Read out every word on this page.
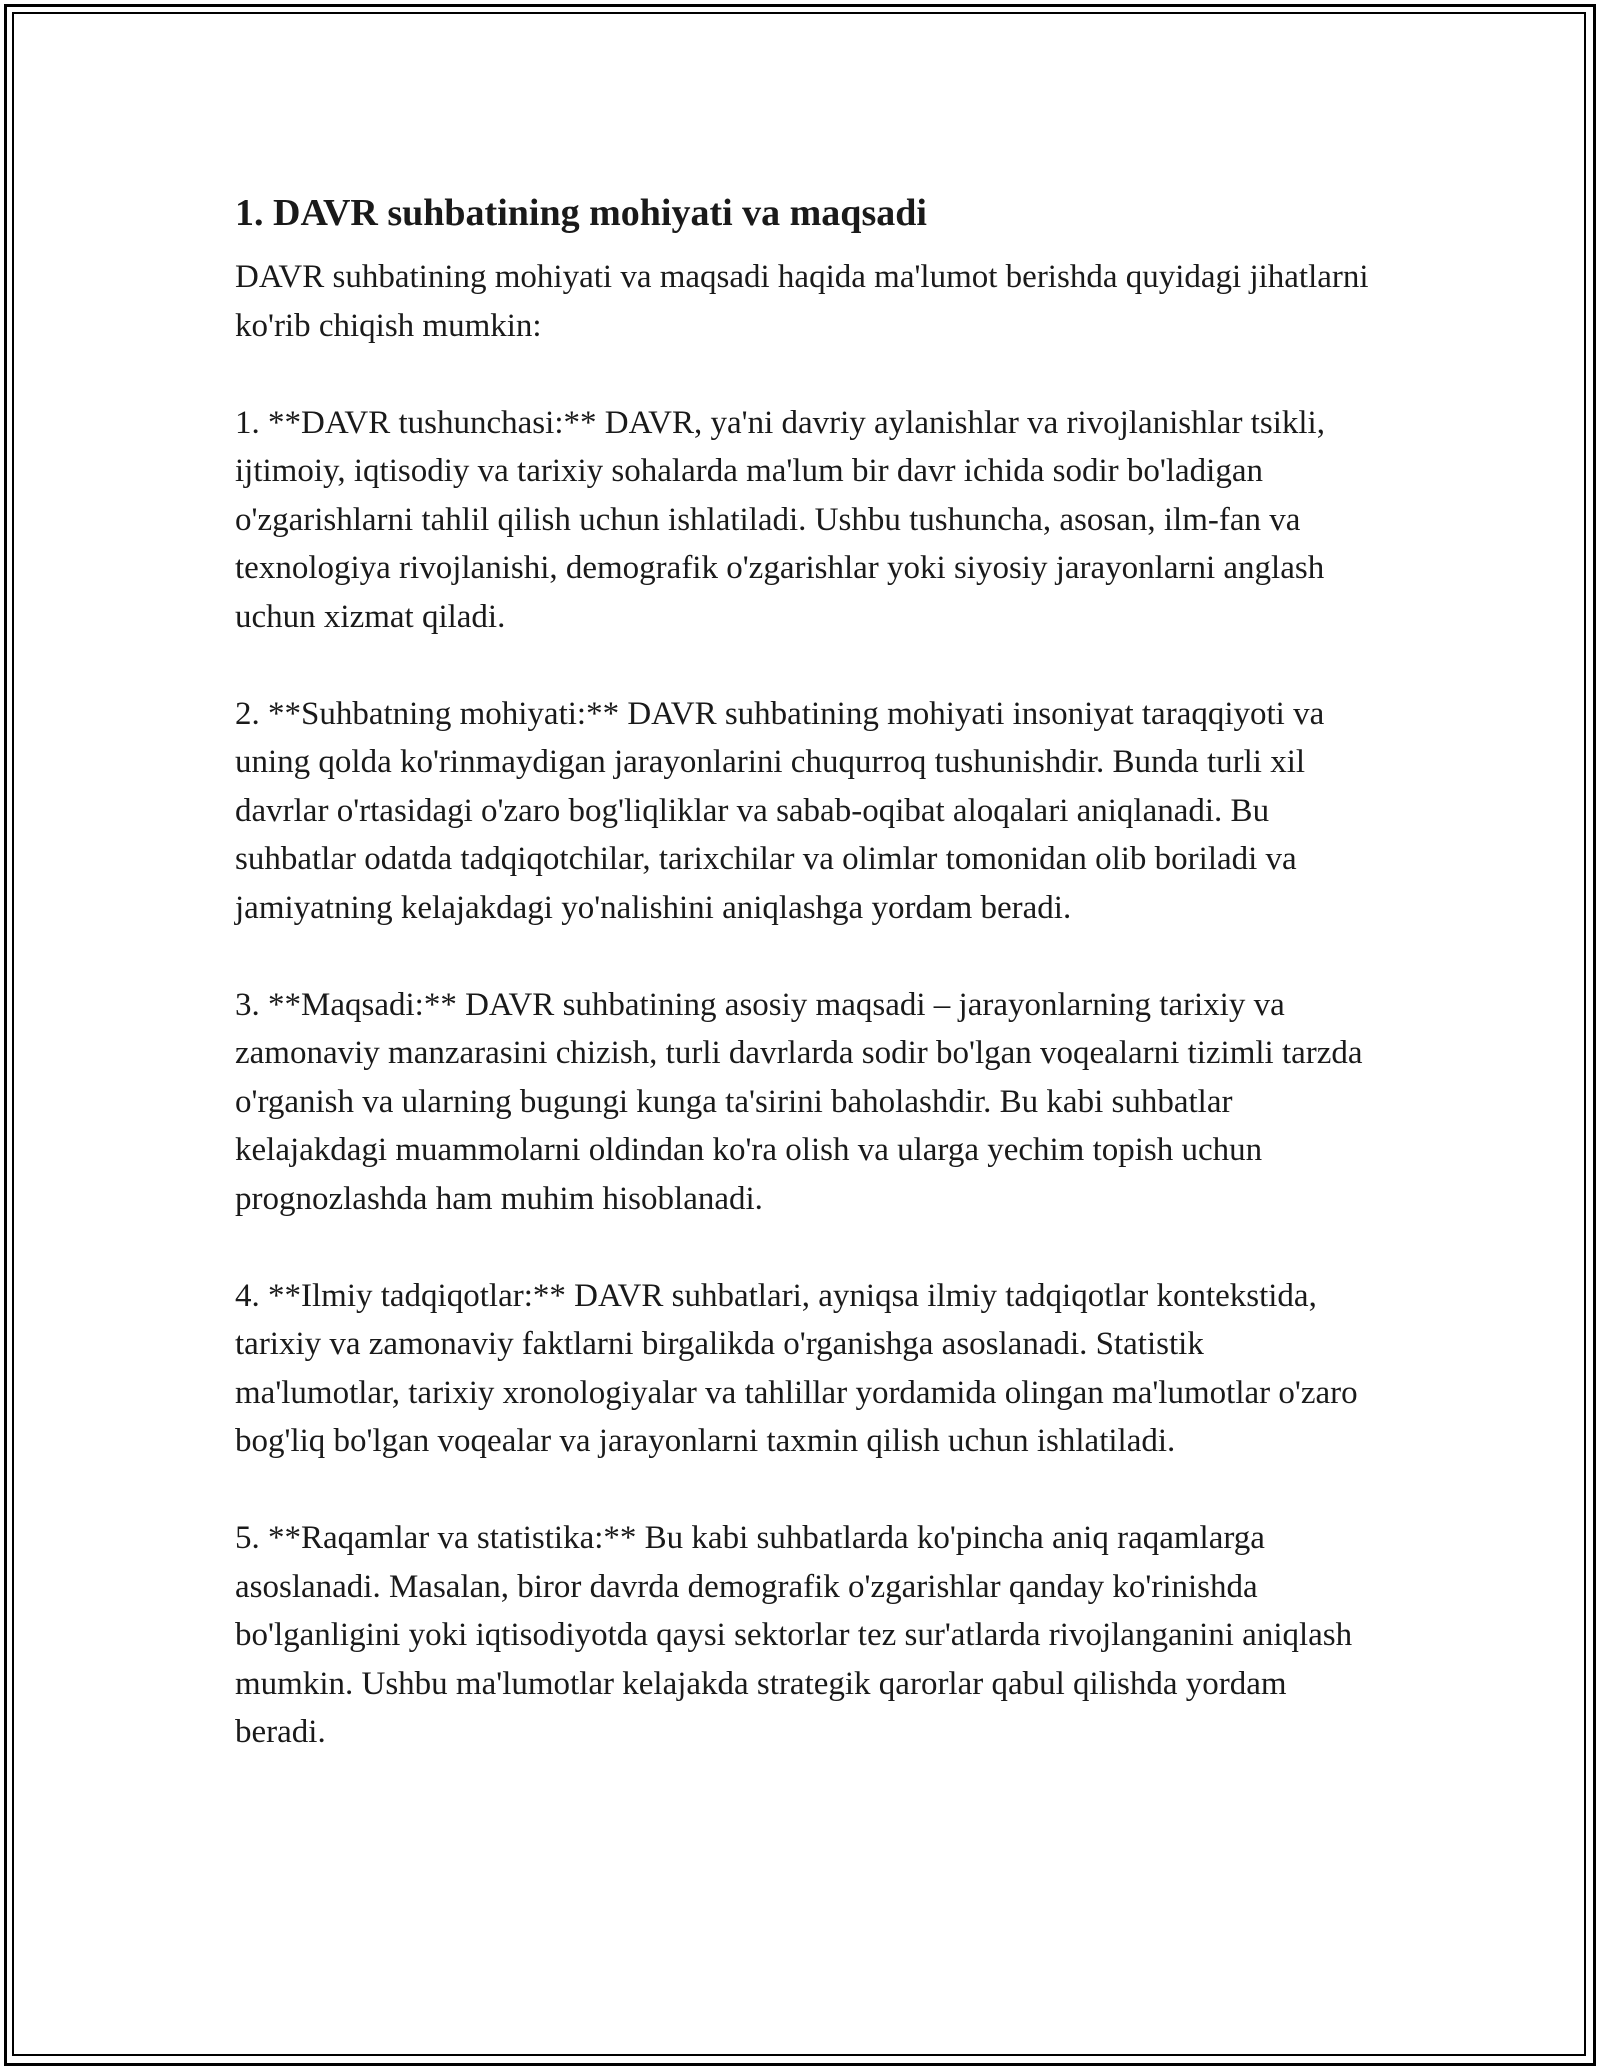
1. DAVR suhbatining mohiyati va maqsadi

DAVR suhbatining mohiyati va maqsadi haqida ma'lumot berishda quyidagi jihatlarni ko'rib chiqish mumkin:

1. **DAVR tushunchasi:** DAVR, ya'ni davriy aylanishlar va rivojlanishlar tsikli, ijtimoiy, iqtisodiy va tarixiy sohalarda ma'lum bir davr ichida sodir bo'ladigan o'zgarishlarni tahlil qilish uchun ishlatiladi. Ushbu tushuncha, asosan, ilm-fan va texnologiya rivojlanishi, demografik o'zgarishlar yoki siyosiy jarayonlarni anglash uchun xizmat qiladi.

2. **Suhbatning mohiyati:** DAVR suhbatining mohiyati insoniyat taraqqiyoti va uning qolda ko'rinmaydigan jarayonlarini chuqurroq tushunishdir. Bunda turli xil davrlar o'rtasidagi o'zaro bog'liqliklar va sabab-oqibat aloqalari aniqlanadi. Bu suhbatlar odatda tadqiqotchilar, tarixchilar va olimlar tomonidan olib boriladi va jamiyatning kelajakdagi yo'nalishini aniqlashga yordam beradi.

3. **Maqsadi:** DAVR suhbatining asosiy maqsadi – jarayonlarning tarixiy va zamonaviy manzarasini chizish, turli davrlarda sodir bo'lgan voqealarni tizimli tarzda o'rganish va ularning bugungi kunga ta'sirini baholashdir. Bu kabi suhbatlar kelajakdagi muammolarni oldindan ko'ra olish va ularga yechim topish uchun prognozlashda ham muhim hisoblanadi.

4. **Ilmiy tadqiqotlar:** DAVR suhbatlari, ayniqsa ilmiy tadqiqotlar kontekstida, tarixiy va zamonaviy faktlarni birgalikda o'rganishga asoslanadi. Statistik ma'lumotlar, tarixiy xronologiyalar va tahlillar yordamida olingan ma'lumotlar o'zaro bog'liq bo'lgan voqealar va jarayonlarni taxmin qilish uchun ishlatiladi.

5. **Raqamlar va statistika:** Bu kabi suhbatlarda ko'pincha aniq raqamlarga asoslanadi. Masalan, biror davrda demografik o'zgarishlar qanday ko'rinishda bo'lganligini yoki iqtisodiyotda qaysi sektorlar tez sur'atlarda rivojlanganini aniqlash mumkin. Ushbu ma'lumotlar kelajakda strategik qarorlar qabul qilishda yordam beradi.
